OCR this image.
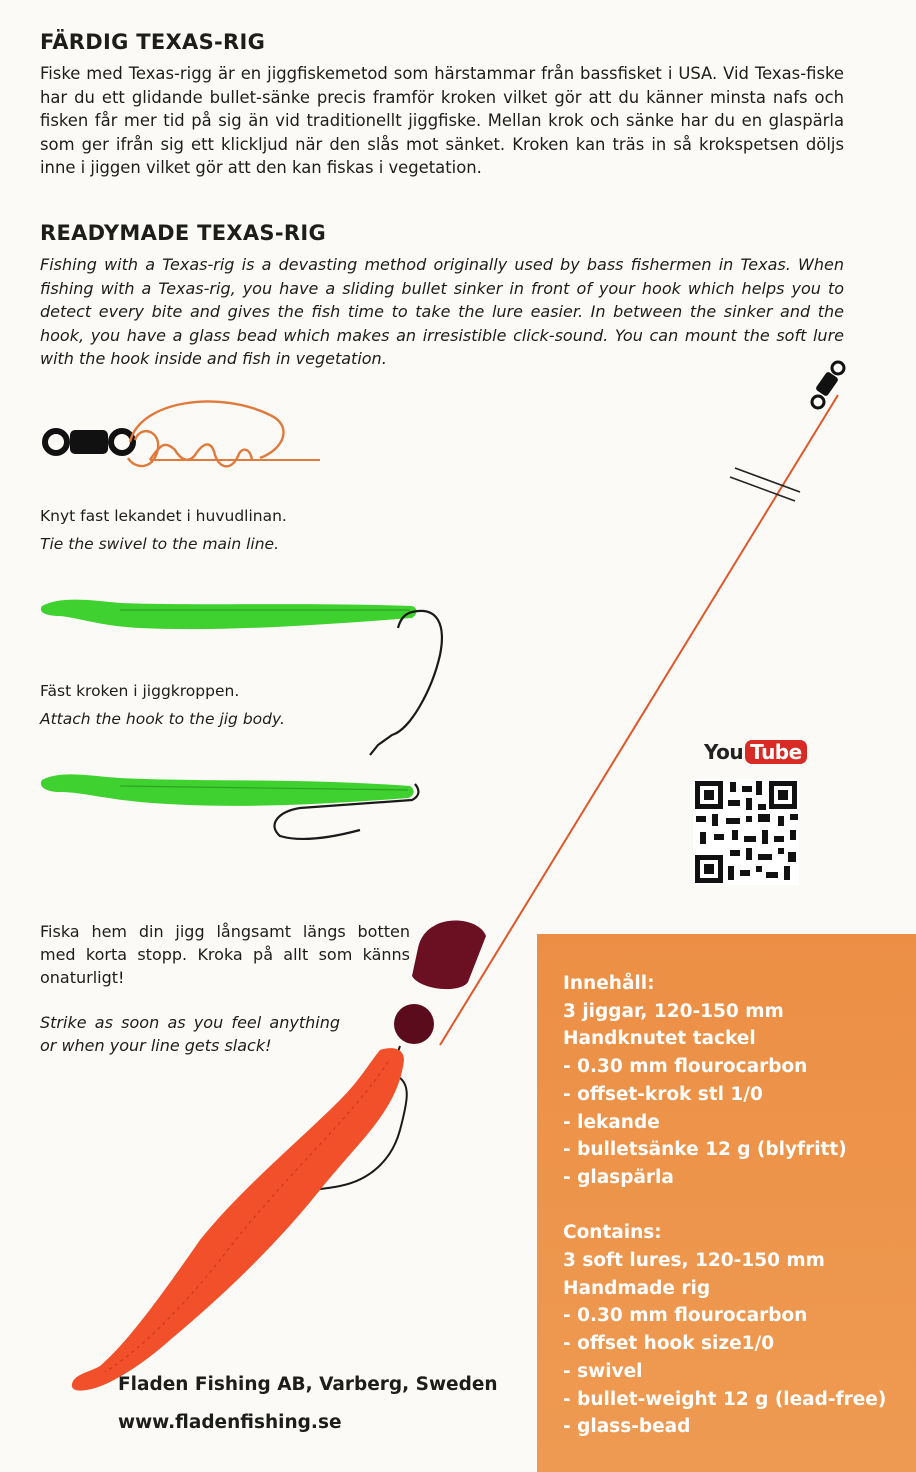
FÄRDIG TEXAS-RIG
Fiske med Texas-rigg är en jiggfiskemetod som härstammar från bassfisket i USA. Vid Texas-fiske har du ett glidande bullet-sänke precis framför kroken vilket gör att du känner minsta nafs och fisken får mer tid på sig än vid traditionellt jiggfiske. Mellan krok och sänke har du en glaspärla som ger ifrån sig ett klickljud när den slås mot sänket. Kroken kan träs in så krokspetsen döljs inne i jiggen vilket gör att den kan fiskas i vegetation.
READYMADE TEXAS-RIG
Fishing with a Texas-rig is a devasting method originally used by bass fishermen in Texas. When fishing with a Texas-rig, you have a sliding bullet sinker in front of your hook which helps you to detect every bite and gives the fish time to take the lure easier. In between the sinker and the hook, you have a glass bead which makes an irresistible click-sound. You can mount the soft lure with the hook inside and fish in vegetation.
Knyt fast lekandet i huvudlinan.
Tie the swivel to the main line.
Fäst kroken i jiggkroppen.
Attach the hook to the jig body.
Fiska hem din jigg långsamt längs botten med korta stopp. Kroka på allt som känns onaturligt!
Strike as soon as you feel anything or when your line gets slack!
You Tube
Innehåll:
3 jiggar, 120-150 mm
Handknutet tackel
- 0.30 mm flourocarbon
- offset-krok stl 1/0
- lekande
- bulletsänke 12 g (blyfritt)
- glaspärla
Contains:
3 soft lures, 120-150 mm
Handmade rig
- 0.30 mm flourocarbon
- offset hook size1/0
- swivel
- bullet-weight 12 g (lead-free)
- glass-bead
Fladen Fishing AB, Varberg, Sweden
www.fladenfishing.se
